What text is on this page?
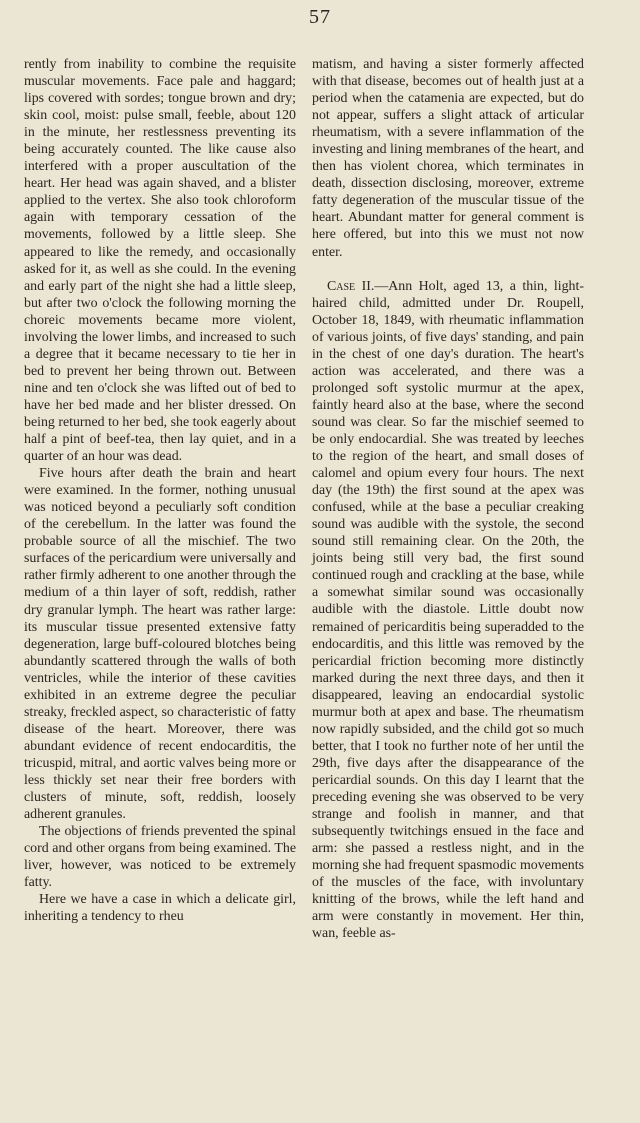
57

rently from inability to combine the requisite muscular movements. Face pale and haggard; lips covered with sordes; tongue brown and dry; skin cool, moist: pulse small, feeble, about 120 in the minute, her restlessness preventing its being accurately counted. The like cause also interfered with a proper auscultation of the heart. Her head was again shaved, and a blister applied to the vertex. She also took chloroform again with temporary cessation of the movements, followed by a little sleep. She appeared to like the remedy, and occasionally asked for it, as well as she could. In the evening and early part of the night she had a little sleep, but after two o'clock the following morning the choreic movements became more violent, involving the lower limbs, and increased to such a degree that it became necessary to tie her in bed to prevent her being thrown out. Between nine and ten o'clock she was lifted out of bed to have her bed made and her blister dressed. On being returned to her bed, she took eagerly about half a pint of beef-tea, then lay quiet, and in a quarter of an hour was dead.

Five hours after death the brain and heart were examined. In the former, nothing unusual was noticed beyond a peculiarly soft condition of the cerebellum. In the latter was found the probable source of all the mischief. The two surfaces of the pericardium were universally and rather firmly adherent to one another through the medium of a thin layer of soft, reddish, rather dry granular lymph. The heart was rather large: its muscular tissue presented extensive fatty degeneration, large buff-coloured blotches being abundantly scattered through the walls of both ventricles, while the interior of these cavities exhibited in an extreme degree the peculiar streaky, freckled aspect, so characteristic of fatty disease of the heart. Moreover, there was abundant evidence of recent endocarditis, the tricuspid, mitral, and aortic valves being more or less thickly set near their free borders with clusters of minute, soft, reddish, loosely adherent granules.

The objections of friends prevented the spinal cord and other organs from being examined. The liver, however, was noticed to be extremely fatty.

Here we have a case in which a delicate girl, inheriting a tendency to rheu

matism, and having a sister formerly affected with that disease, becomes out of health just at a period when the catamenia are expected, but do not appear, suffers a slight attack of articular rheumatism, with a severe inflammation of the investing and lining membranes of the heart, and then has violent chorea, which terminates in death, dissection disclosing, moreover, extreme fatty degeneration of the muscular tissue of the heart. Abundant matter for general comment is here offered, but into this we must not now enter.

Case II.—Ann Holt, aged 13, a thin, light-haired child, admitted under Dr. Roupell, October 18, 1849, with rheumatic inflammation of various joints, of five days' standing, and pain in the chest of one day's duration. The heart's action was accelerated, and there was a prolonged soft systolic murmur at the apex, faintly heard also at the base, where the second sound was clear. So far the mischief seemed to be only endocardial. She was treated by leeches to the region of the heart, and small doses of calomel and opium every four hours. The next day (the 19th) the first sound at the apex was confused, while at the base a peculiar creaking sound was audible with the systole, the second sound still remaining clear. On the 20th, the joints being still very bad, the first sound continued rough and crackling at the base, while a somewhat similar sound was occasionally audible with the diastole. Little doubt now remained of pericarditis being superadded to the endocarditis, and this little was removed by the pericardial friction becoming more distinctly marked during the next three days, and then it disappeared, leaving an endocardial systolic murmur both at apex and base. The rheumatism now rapidly subsided, and the child got so much better, that I took no further note of her until the 29th, five days after the disappearance of the pericardial sounds. On this day I learnt that the preceding evening she was observed to be very strange and foolish in manner, and that subsequently twitchings ensued in the face and arm: she passed a restless night, and in the morning she had frequent spasmodic movements of the muscles of the face, with involuntary knitting of the brows, while the left hand and arm were constantly in movement. Her thin, wan, feeble as-
